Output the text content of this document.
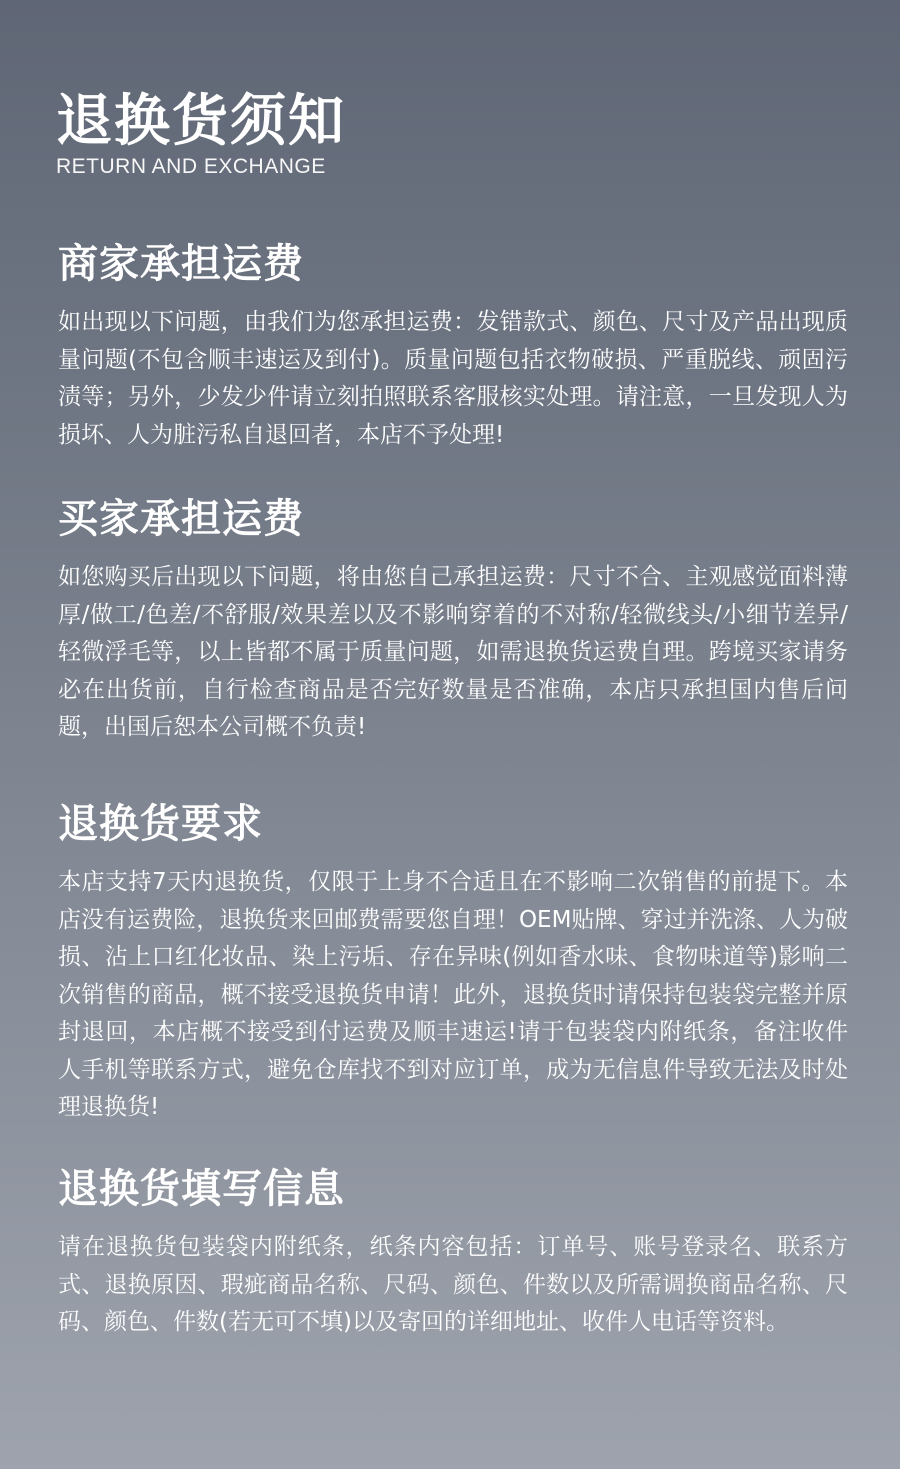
退换货须知
RETURN AND EXCHANGE
商家承担运费

如出现以下问题，由我们为您承担运费：发错款式、颜色、尺寸及产品出现质量问题(不包含顺丰速运及到付)。质量问题包括衣物破损、严重脱线、顽固污渍等；另外，少发少件请立刻拍照联系客服核实处理。请注意，一旦发现人为损坏、人为脏污私自退回者，本店不予处理!

买家承担运费

如您购买后出现以下问题，将由您自己承担运费：尺寸不合、主观感觉面料薄厚/做工/色差/不舒服/效果差以及不影响穿着的不对称/轻微线头/小细节差异/轻微浮毛等，以上皆都不属于质量问题，如需退换货运费自理。跨境买家请务必在出货前，自行检查商品是否完好数量是否准确，本店只承担国内售后问题，出国后恕本公司概不负责!

退换货要求

本店支持7天内退换货，仅限于上身不合适且在不影响二次销售的前提下。本店没有运费险，退换货来回邮费需要您自理！OEM贴牌、穿过并洗涤、人为破损、沾上口红化妆品、染上污垢、存在异味(例如香水味、食物味道等)影响二次销售的商品，概不接受退换货申请！此外，退换货时请保持包装袋完整并原封退回，本店概不接受到付运费及顺丰速运!请于包装袋内附纸条，备注收件人手机等联系方式，避免仓库找不到对应订单，成为无信息件导致无法及时处理退换货!

退换货填写信息

请在退换货包装袋内附纸条，纸条内容包括：订单号、账号登录名、联系方式、退换原因、瑕疵商品名称、尺码、颜色、件数以及所需调换商品名称、尺码、颜色、件数(若无可不填)以及寄回的详细地址、收件人电话等资料。
